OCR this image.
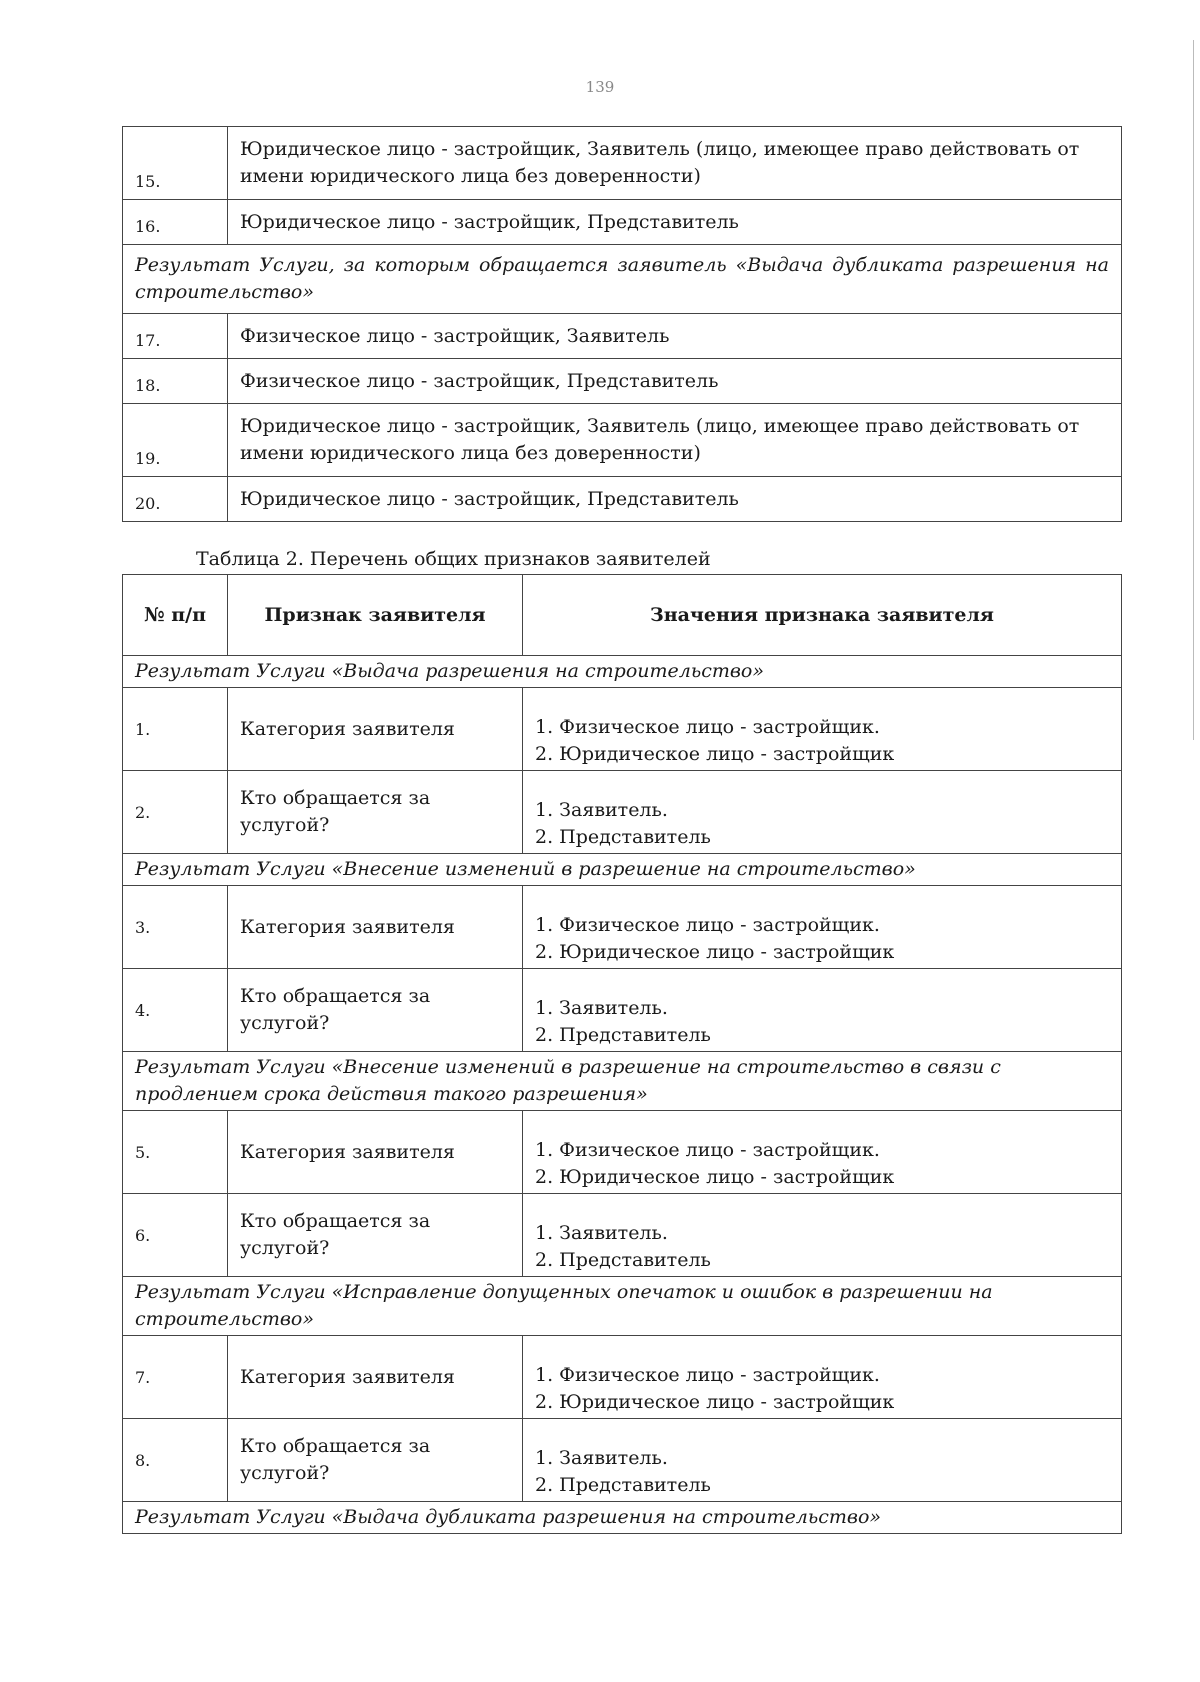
139
15.	Юридическое лицо - застройщик, Заявитель (лицо, имеющее право действовать от имени юридического лица без доверенности)
16.	Юридическое лицо - застройщик, Представитель
Результат Услуги, за которым обращается заявитель «Выдача дубликата разрешения на строительство»	
17.	Физическое лицо - застройщик, Заявитель
18.	Физическое лицо - застройщик, Представитель
19.	Юридическое лицо - застройщик, Заявитель (лицо, имеющее право действовать от имени юридического лица без доверенности)
20.	Юридическое лицо - застройщик, Представитель
Таблица 2. Перечень общих признаков заявителей
№ п/п	Признак заявителя	Значения признака заявителя
Результат Услуги «Выдача разрешения на строительство»		
1.	Категория заявителя	1. Физическое лицо - застройщик.
2. Юридическое лицо - застройщик

2.	Кто обращается за услугой?	1. Заявитель.
2. Представитель

Результат Услуги «Внесение изменений в разрешение на строительство»		
3.	Категория заявителя	1. Физическое лицо - застройщик.
2. Юридическое лицо - застройщик

4.	Кто обращается за услугой?	1. Заявитель.
2. Представитель

Результат Услуги «Внесение изменений в разрешение на строительство в связи с продлением срока действия такого разрешения»		
5.	Категория заявителя	1. Физическое лицо - застройщик.
2. Юридическое лицо - застройщик

6.	Кто обращается за услугой?	1. Заявитель.
2. Представитель

Результат Услуги «Исправление допущенных опечаток и ошибок в разрешении на строительство»		
7.	Категория заявителя	1. Физическое лицо - застройщик.
2. Юридическое лицо - застройщик

8.	Кто обращается за услугой?	1. Заявитель.
2. Представитель

Результат Услуги «Выдача дубликата разрешения на строительство»		
